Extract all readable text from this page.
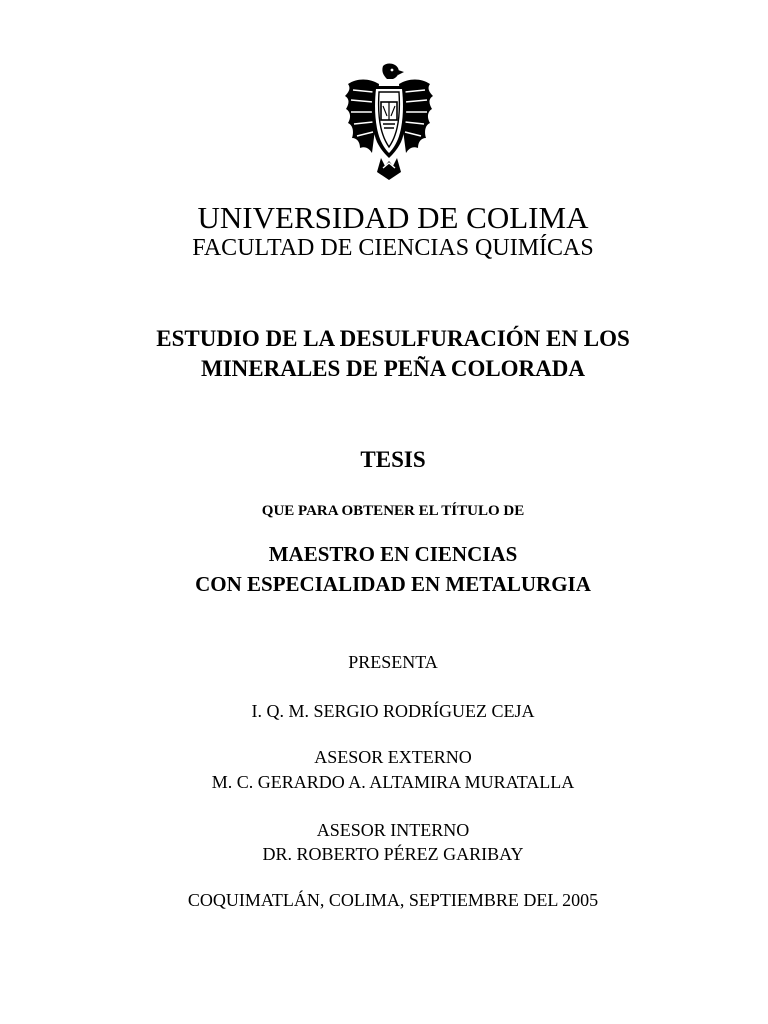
UNIVERSIDAD DE COLIMA
FACULTAD DE CIENCIAS QUIMÍCAS
ESTUDIO DE LA DESULFURACIÓN EN LOS
MINERALES DE PEÑA COLORADA
TESIS
QUE PARA OBTENER EL TÍTULO DE
MAESTRO EN CIENCIAS
CON ESPECIALIDAD EN METALURGIA
PRESENTA
I. Q. M. SERGIO RODRÍGUEZ CEJA
ASESOR EXTERNO
M. C. GERARDO A. ALTAMIRA MURATALLA
ASESOR INTERNO
DR. ROBERTO PÉREZ GARIBAY
COQUIMATLÁN, COLIMA, SEPTIEMBRE DEL 2005
